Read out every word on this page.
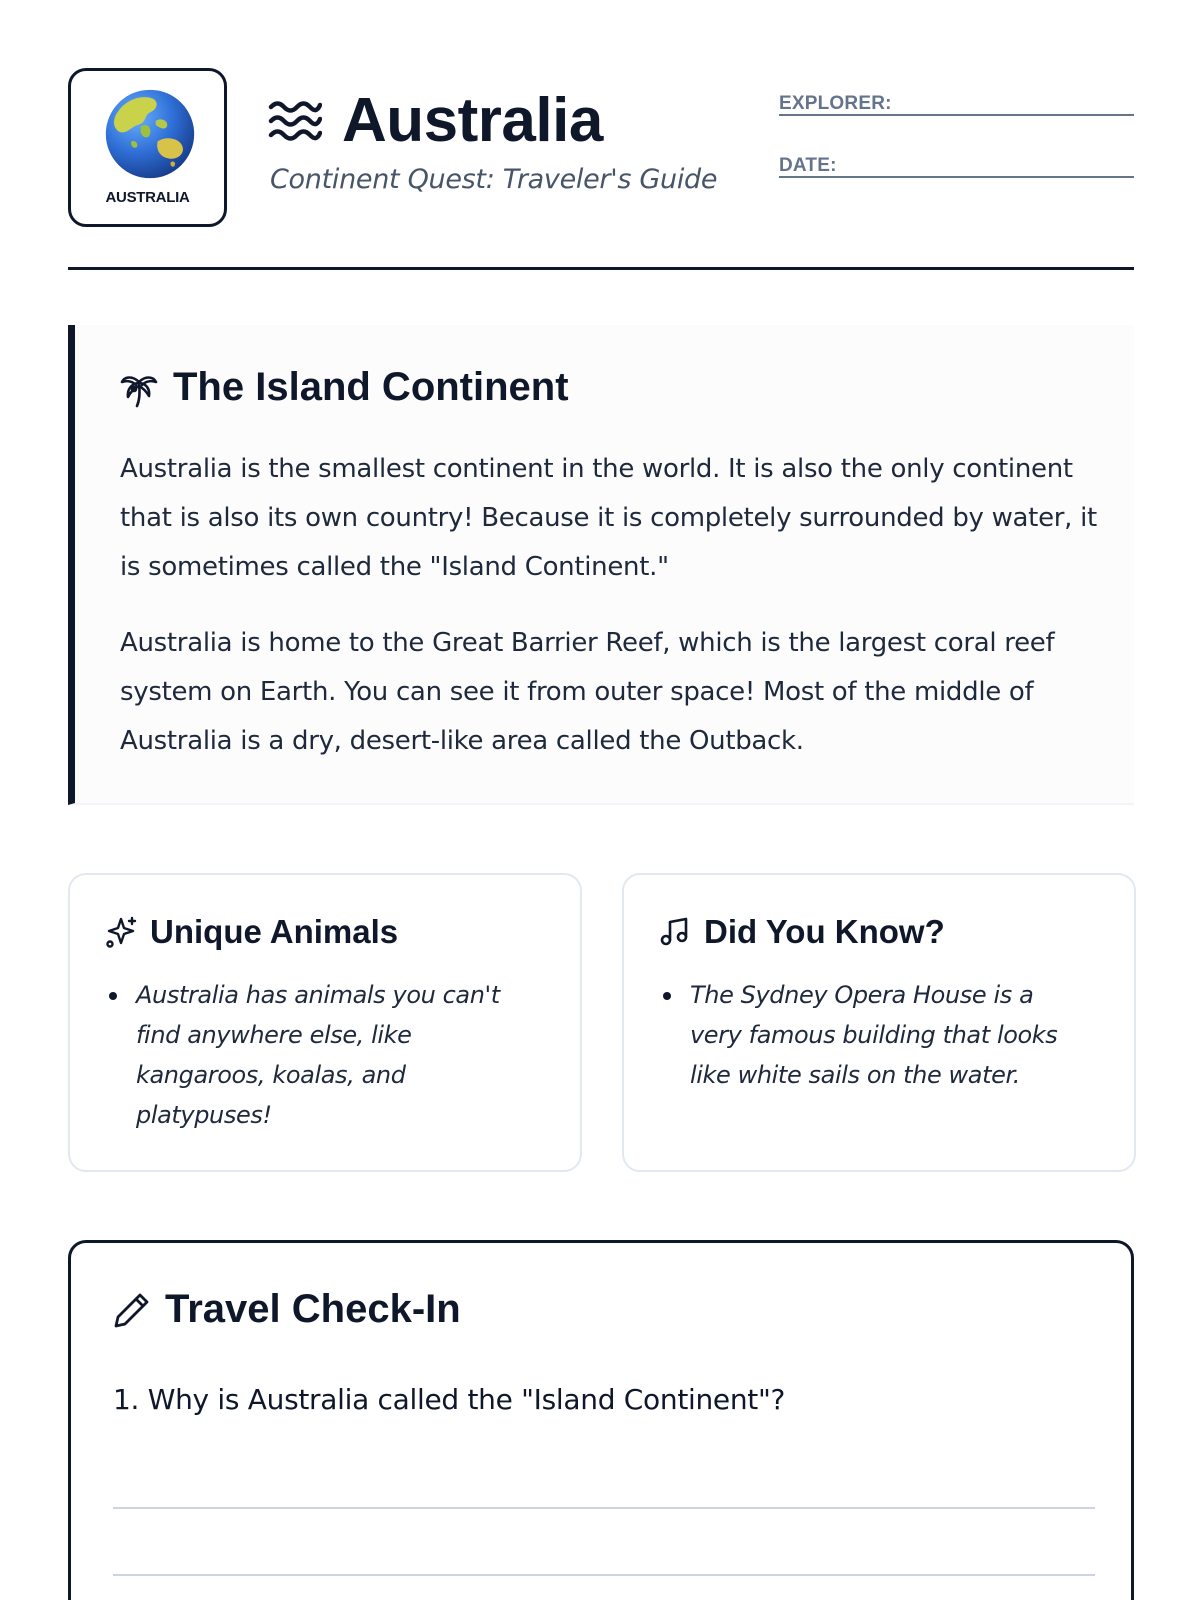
AUSTRALIA
Australia
Continent Quest: Traveler's Guide
EXPLORER:
DATE:
The Island Continent

Australia is the smallest continent in the world. It is also the only continent that is also its own country! Because it is completely surrounded by water, it is sometimes called the "Island Continent."

Australia is home to the Great Barrier Reef, which is the largest coral reef system on Earth. You can see it from outer space! Most of the middle of Australia is a dry, desert-like area called the Outback.

Unique Animals
Australia has animals you can't find anywhere else, like kangaroos, koalas, and platypuses!
Did You Know?
The Sydney Opera House is a very famous building that looks like white sails on the water.
Travel Check-In
1. Why is Australia called the "Island Continent"?
